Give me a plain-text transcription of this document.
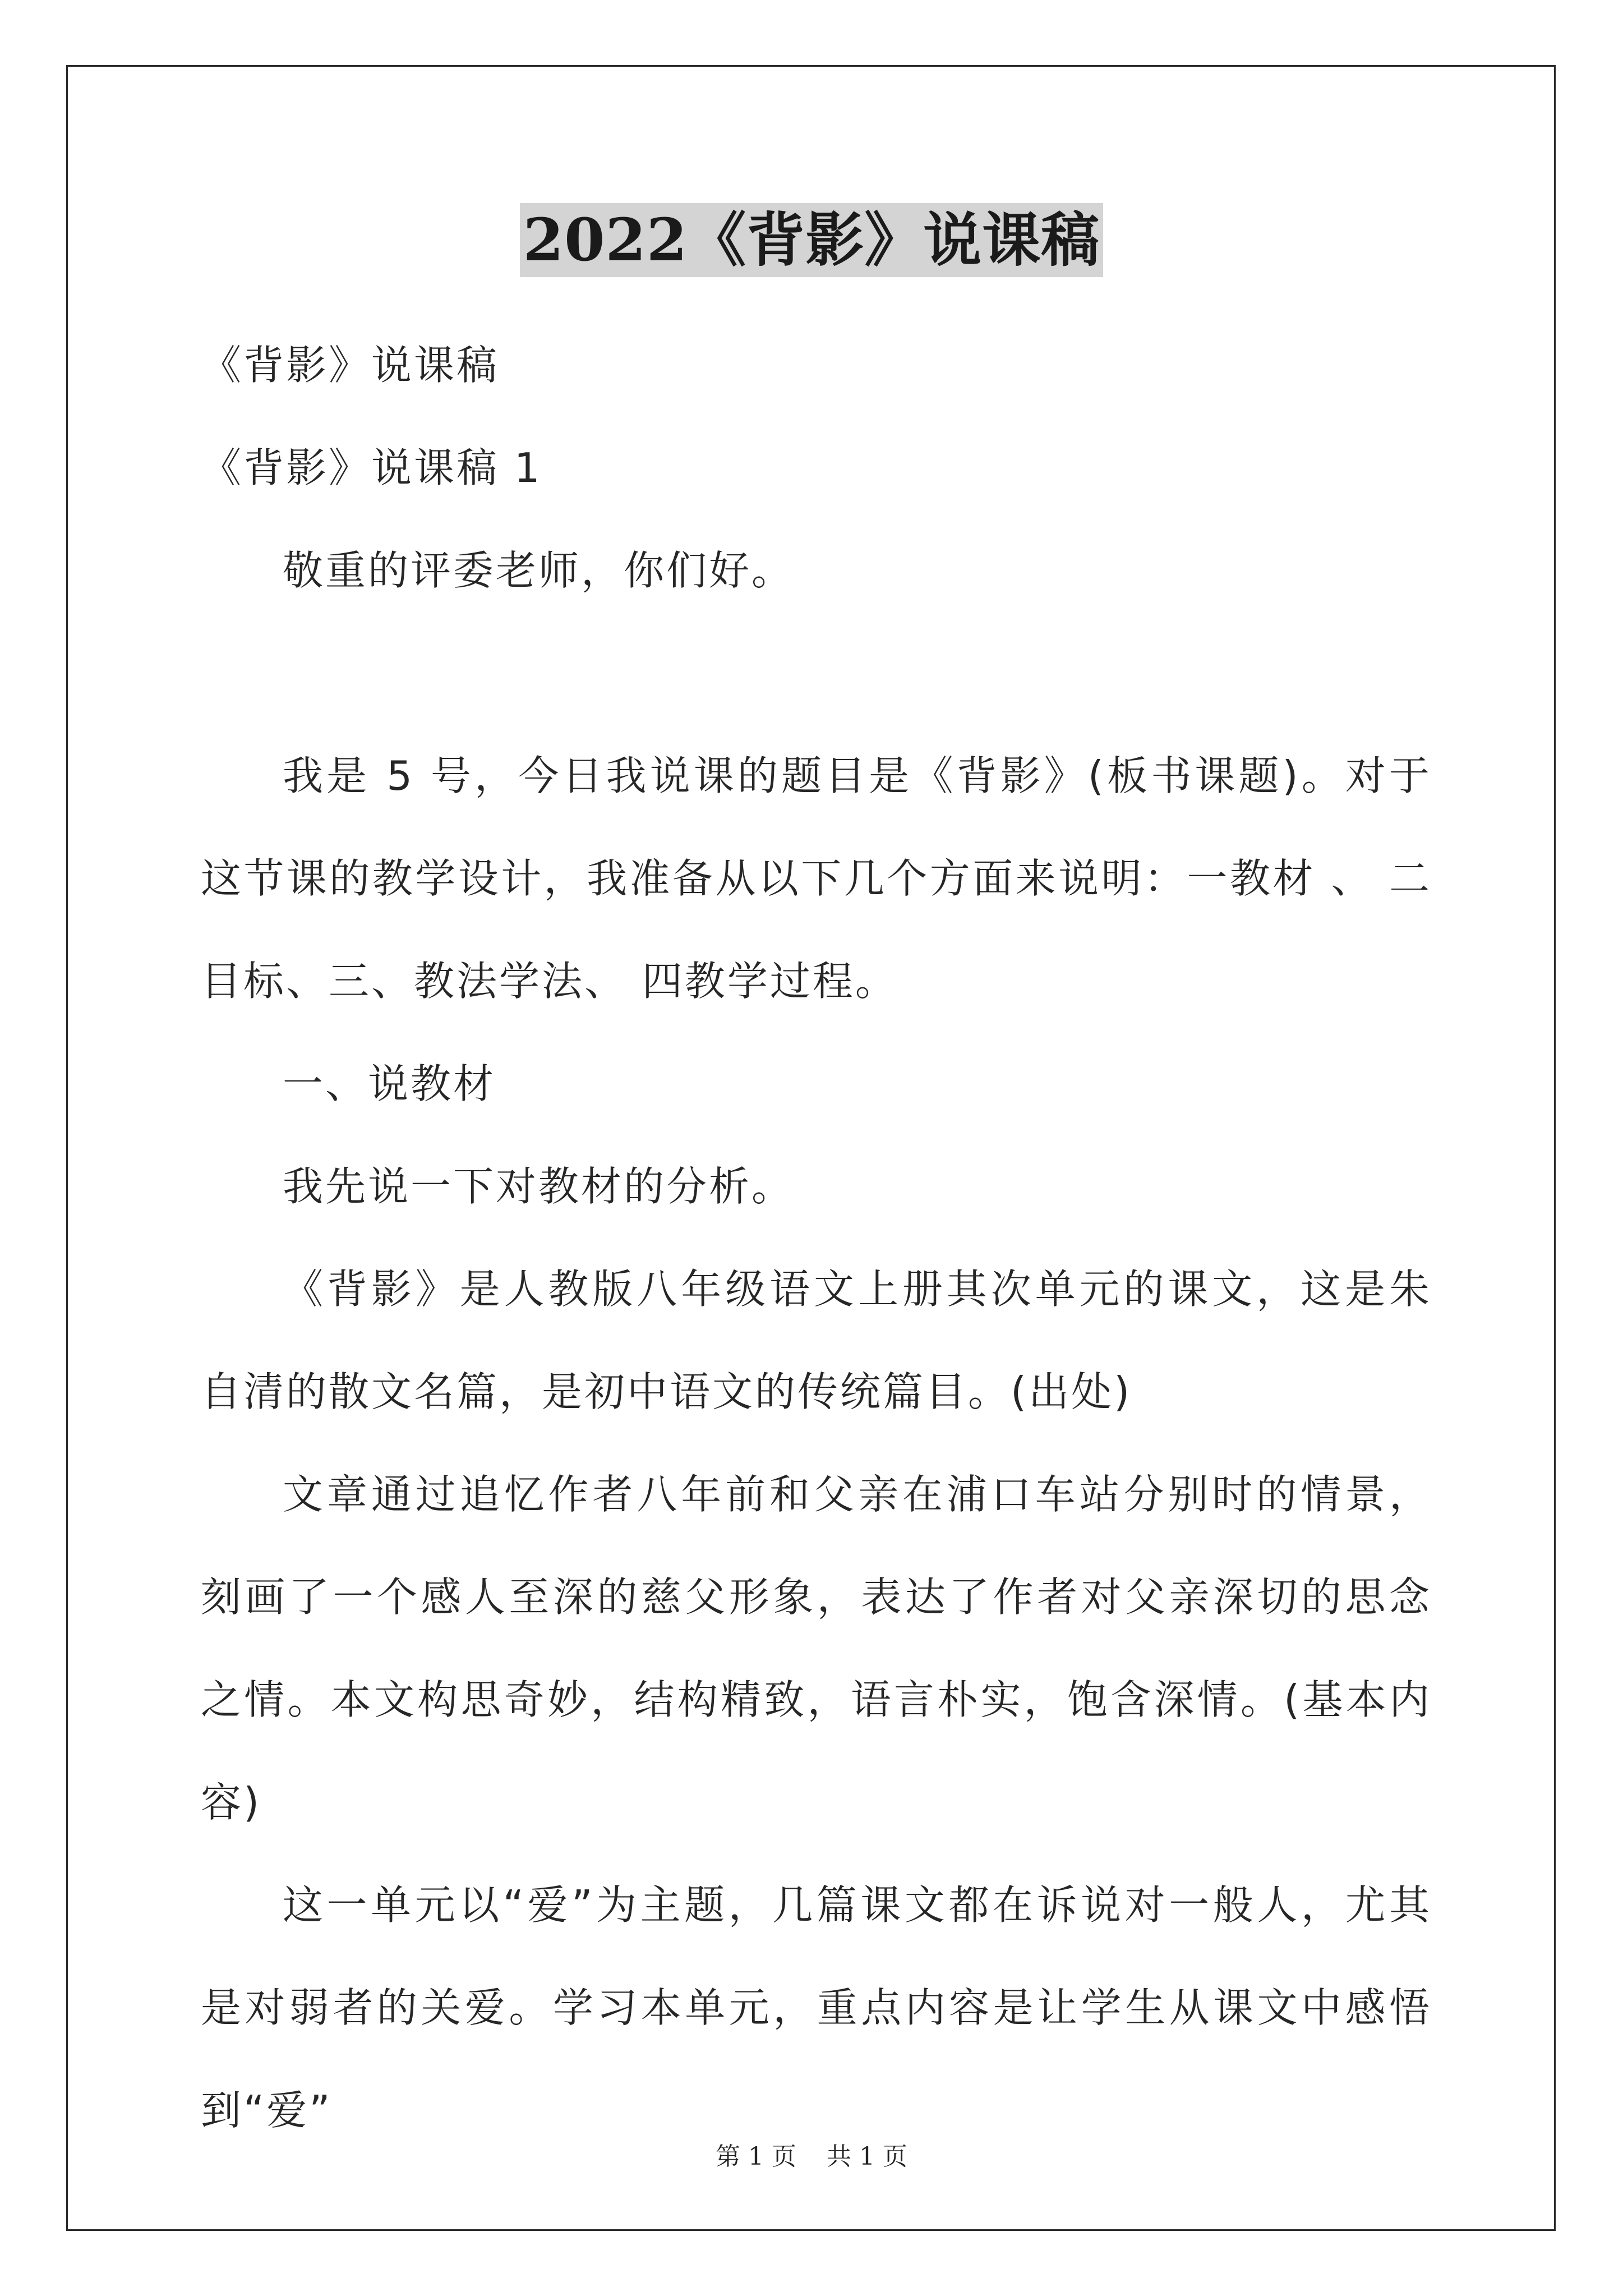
2022《背影》说课稿

《背影》说课稿

《背影》说课稿 1

敬重的评委老师，你们好。

我是 5 号，今日我说课的题目是《背影》(板书课题)。对于这节课的教学设计，我准备从以下几个方面来说明：一教材 、 二目标、三、教法学法、 四教学过程。

一、说教材

我先说一下对教材的分析。

《背影》是人教版八年级语文上册其次单元的课文，这是朱自清的散文名篇，是初中语文的传统篇目。(出处)

文章通过追忆作者八年前和父亲在浦口车站分别时的情景，刻画了一个感人至深的慈父形象，表达了作者对父亲深切的思念之情。本文构思奇妙，结构精致，语言朴实，饱含深情。(基本内容)

这一单元以“爱”为主题，几篇课文都在诉说对一般人，尤其是对弱者的关爱。学习本单元，重点内容是让学生从课文中感悟到“爱”

第 1 页 共 1 页
